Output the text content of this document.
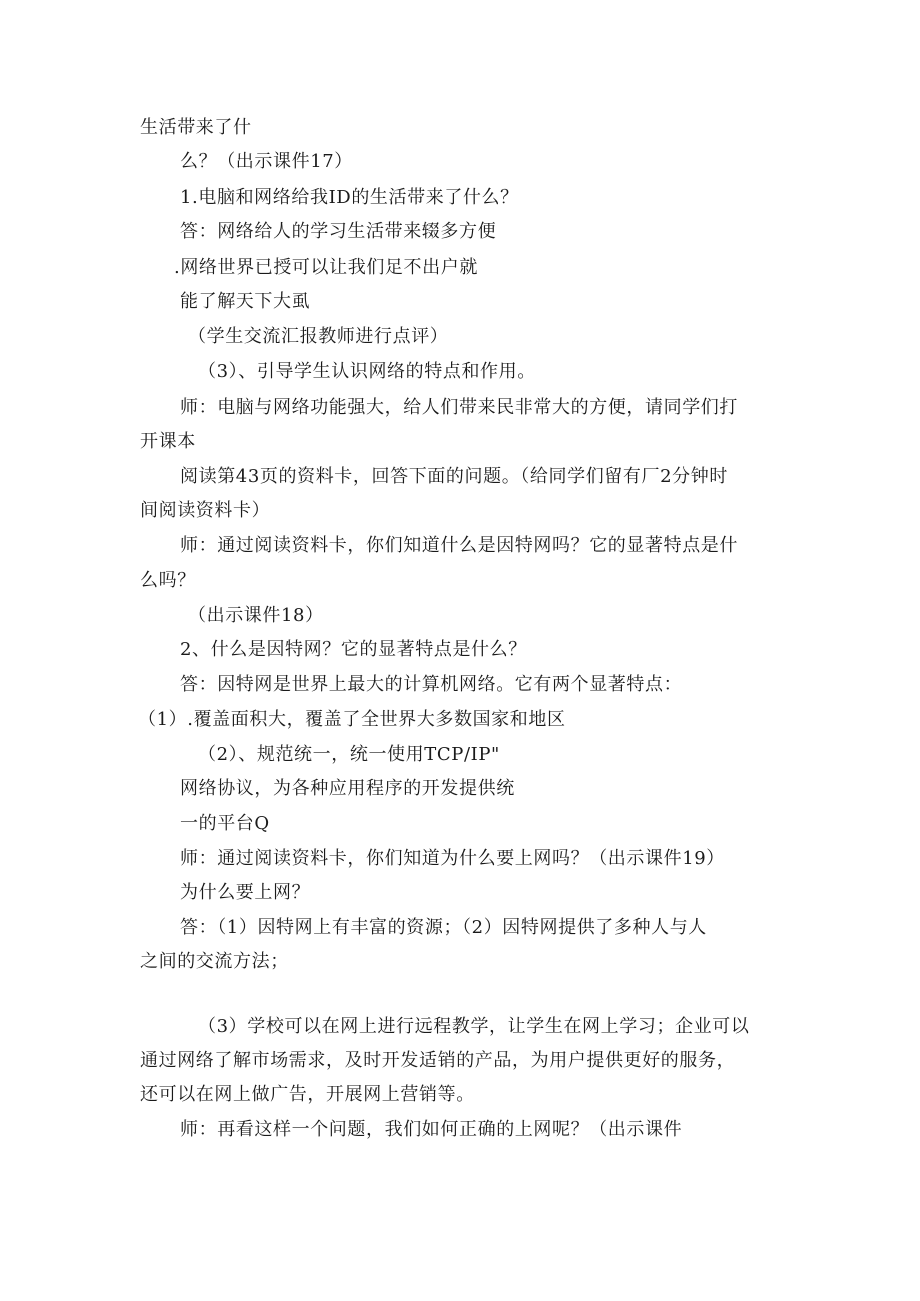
生活带来了什
么？（出示课件17）
1.电脑和网络给我ID的生活带来了什么？
答：网络给人的学习生活带来辍多方便
.网络世界已授可以让我们足不出户就
能了解天下大虱
（学生交流汇报教师进行点评）
（3）、引导学生认识网络的特点和作用。
师：电脑与网络功能强大，给人们带来民非常大的方便，请同学们打
开课本
阅读第43页的资料卡，回答下面的问题。（给同学们留有厂2分钟时
间阅读资料卡）
师：通过阅读资料卡，你们知道什么是因特网吗？它的显著特点是什
么吗？
（出示课件18）
2、什么是因特网？它的显著特点是什么？
答：因特网是世界上最大的计算机网络。它有两个显著特点：
（1）.覆盖面积大，覆盖了全世界大多数国家和地区
（2）、规范统一，统一使用TCP/IP"
网络协议，为各种应用程序的开发提供统
一的平台Q
师：通过阅读资料卡，你们知道为什么要上网吗？（出示课件19）
为什么要上网？
答：（1）因特网上有丰富的资源；（2）因特网提供了多种人与人
之间的交流方法；
（3）学校可以在网上进行远程教学，让学生在网上学习；企业可以
通过网络了解市场需求，及时开发适销的产品，为用户提供更好的服务，
还可以在网上做广告，开展网上营销等。
师：再看这样一个问题，我们如何正确的上网呢？（出示课件
